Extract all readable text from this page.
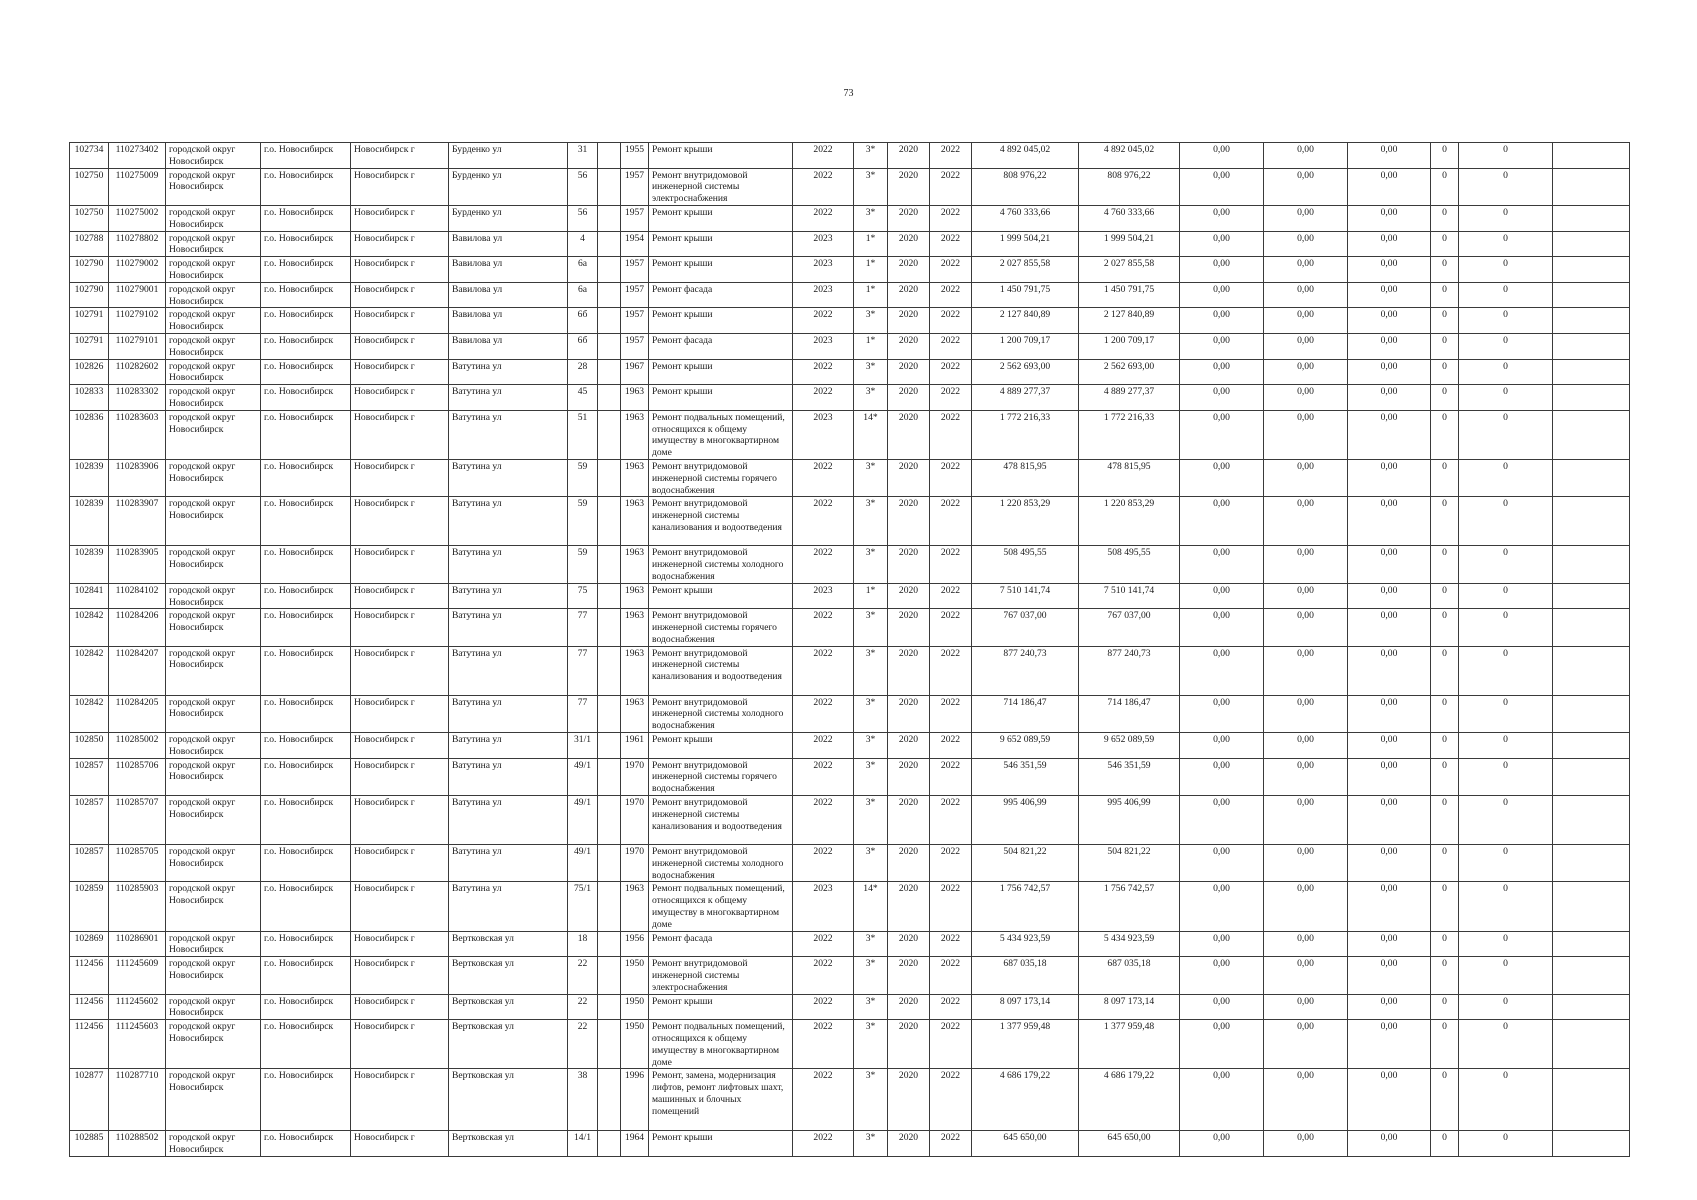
73
102734	110273402	городской округ Новосибирск	г.о. Новосибирск	Новосибирск г	Бурденко ул	31		1955	Ремонт крыши	2022	3*	2020	2022	4 892 045,02	4 892 045,02	0,00	0,00	0,00	0	0	
102750	110275009	городской округ Новосибирск	г.о. Новосибирск	Новосибирск г	Бурденко ул	56		1957	Ремонт внутридомовой инженерной системы электроснабжения	2022	3*	2020	2022	808 976,22	808 976,22	0,00	0,00	0,00	0	0	
102750	110275002	городской округ Новосибирск	г.о. Новосибирск	Новосибирск г	Бурденко ул	56		1957	Ремонт крыши	2022	3*	2020	2022	4 760 333,66	4 760 333,66	0,00	0,00	0,00	0	0	
102788	110278802	городской округ Новосибирск	г.о. Новосибирск	Новосибирск г	Вавилова ул	4		1954	Ремонт крыши	2023	1*	2020	2022	1 999 504,21	1 999 504,21	0,00	0,00	0,00	0	0	
102790	110279002	городской округ Новосибирск	г.о. Новосибирск	Новосибирск г	Вавилова ул	6а		1957	Ремонт крыши	2023	1*	2020	2022	2 027 855,58	2 027 855,58	0,00	0,00	0,00	0	0	
102790	110279001	городской округ Новосибирск	г.о. Новосибирск	Новосибирск г	Вавилова ул	6а		1957	Ремонт фасада	2023	1*	2020	2022	1 450 791,75	1 450 791,75	0,00	0,00	0,00	0	0	
102791	110279102	городской округ Новосибирск	г.о. Новосибирск	Новосибирск г	Вавилова ул	6б		1957	Ремонт крыши	2022	3*	2020	2022	2 127 840,89	2 127 840,89	0,00	0,00	0,00	0	0	
102791	110279101	городской округ Новосибирск	г.о. Новосибирск	Новосибирск г	Вавилова ул	6б		1957	Ремонт фасада	2023	1*	2020	2022	1 200 709,17	1 200 709,17	0,00	0,00	0,00	0	0	
102826	110282602	городской округ Новосибирск	г.о. Новосибирск	Новосибирск г	Ватутина ул	28		1967	Ремонт крыши	2022	3*	2020	2022	2 562 693,00	2 562 693,00	0,00	0,00	0,00	0	0	
102833	110283302	городской округ Новосибирск	г.о. Новосибирск	Новосибирск г	Ватутина ул	45		1963	Ремонт крыши	2022	3*	2020	2022	4 889 277,37	4 889 277,37	0,00	0,00	0,00	0	0	
102836	110283603	городской округ Новосибирск	г.о. Новосибирск	Новосибирск г	Ватутина ул	51		1963	Ремонт подвальных помещений, относящихся к общему имуществу в многоквартирном доме	2023	14*	2020	2022	1 772 216,33	1 772 216,33	0,00	0,00	0,00	0	0	
102839	110283906	городской округ Новосибирск	г.о. Новосибирск	Новосибирск г	Ватутина ул	59		1963	Ремонт внутридомовой инженерной системы горячего водоснабжения	2022	3*	2020	2022	478 815,95	478 815,95	0,00	0,00	0,00	0	0	
102839	110283907	городской округ Новосибирск	г.о. Новосибирск	Новосибирск г	Ватутина ул	59		1963	Ремонт внутридомовой инженерной системы канализования и водоотведения	2022	3*	2020	2022	1 220 853,29	1 220 853,29	0,00	0,00	0,00	0	0	
102839	110283905	городской округ Новосибирск	г.о. Новосибирск	Новосибирск г	Ватутина ул	59		1963	Ремонт внутридомовой инженерной системы холодного водоснабжения	2022	3*	2020	2022	508 495,55	508 495,55	0,00	0,00	0,00	0	0	
102841	110284102	городской округ Новосибирск	г.о. Новосибирск	Новосибирск г	Ватутина ул	75		1963	Ремонт крыши	2023	1*	2020	2022	7 510 141,74	7 510 141,74	0,00	0,00	0,00	0	0	
102842	110284206	городской округ Новосибирск	г.о. Новосибирск	Новосибирск г	Ватутина ул	77		1963	Ремонт внутридомовой инженерной системы горячего водоснабжения	2022	3*	2020	2022	767 037,00	767 037,00	0,00	0,00	0,00	0	0	
102842	110284207	городской округ Новосибирск	г.о. Новосибирск	Новосибирск г	Ватутина ул	77		1963	Ремонт внутридомовой инженерной системы канализования и водоотведения	2022	3*	2020	2022	877 240,73	877 240,73	0,00	0,00	0,00	0	0	
102842	110284205	городской округ Новосибирск	г.о. Новосибирск	Новосибирск г	Ватутина ул	77		1963	Ремонт внутридомовой инженерной системы холодного водоснабжения	2022	3*	2020	2022	714 186,47	714 186,47	0,00	0,00	0,00	0	0	
102850	110285002	городской округ Новосибирск	г.о. Новосибирск	Новосибирск г	Ватутина ул	31/1		1961	Ремонт крыши	2022	3*	2020	2022	9 652 089,59	9 652 089,59	0,00	0,00	0,00	0	0	
102857	110285706	городской округ Новосибирск	г.о. Новосибирск	Новосибирск г	Ватутина ул	49/1		1970	Ремонт внутридомовой инженерной системы горячего водоснабжения	2022	3*	2020	2022	546 351,59	546 351,59	0,00	0,00	0,00	0	0	
102857	110285707	городской округ Новосибирск	г.о. Новосибирск	Новосибирск г	Ватутина ул	49/1		1970	Ремонт внутридомовой инженерной системы канализования и водоотведения	2022	3*	2020	2022	995 406,99	995 406,99	0,00	0,00	0,00	0	0	
102857	110285705	городской округ Новосибирск	г.о. Новосибирск	Новосибирск г	Ватутина ул	49/1		1970	Ремонт внутридомовой инженерной системы холодного водоснабжения	2022	3*	2020	2022	504 821,22	504 821,22	0,00	0,00	0,00	0	0	
102859	110285903	городской округ Новосибирск	г.о. Новосибирск	Новосибирск г	Ватутина ул	75/1		1963	Ремонт подвальных помещений, относящихся к общему имуществу в многоквартирном доме	2023	14*	2020	2022	1 756 742,57	1 756 742,57	0,00	0,00	0,00	0	0	
102869	110286901	городской округ Новосибирск	г.о. Новосибирск	Новосибирск г	Вертковская ул	18		1956	Ремонт фасада	2022	3*	2020	2022	5 434 923,59	5 434 923,59	0,00	0,00	0,00	0	0	
112456	111245609	городской округ Новосибирск	г.о. Новосибирск	Новосибирск г	Вертковская ул	22		1950	Ремонт внутридомовой инженерной системы электроснабжения	2022	3*	2020	2022	687 035,18	687 035,18	0,00	0,00	0,00	0	0	
112456	111245602	городской округ Новосибирск	г.о. Новосибирск	Новосибирск г	Вертковская ул	22		1950	Ремонт крыши	2022	3*	2020	2022	8 097 173,14	8 097 173,14	0,00	0,00	0,00	0	0	
112456	111245603	городской округ Новосибирск	г.о. Новосибирск	Новосибирск г	Вертковская ул	22		1950	Ремонт подвальных помещений, относящихся к общему имуществу в многоквартирном доме	2022	3*	2020	2022	1 377 959,48	1 377 959,48	0,00	0,00	0,00	0	0	
102877	110287710	городской округ Новосибирск	г.о. Новосибирск	Новосибирск г	Вертковская ул	38		1996	Ремонт, замена, модернизация лифтов, ремонт лифтовых шахт, машинных и блочных помещений	2022	3*	2020	2022	4 686 179,22	4 686 179,22	0,00	0,00	0,00	0	0	
102885	110288502	городской округ Новосибирск	г.о. Новосибирск	Новосибирск г	Вертковская ул	14/1		1964	Ремонт крыши	2022	3*	2020	2022	645 650,00	645 650,00	0,00	0,00	0,00	0	0	
